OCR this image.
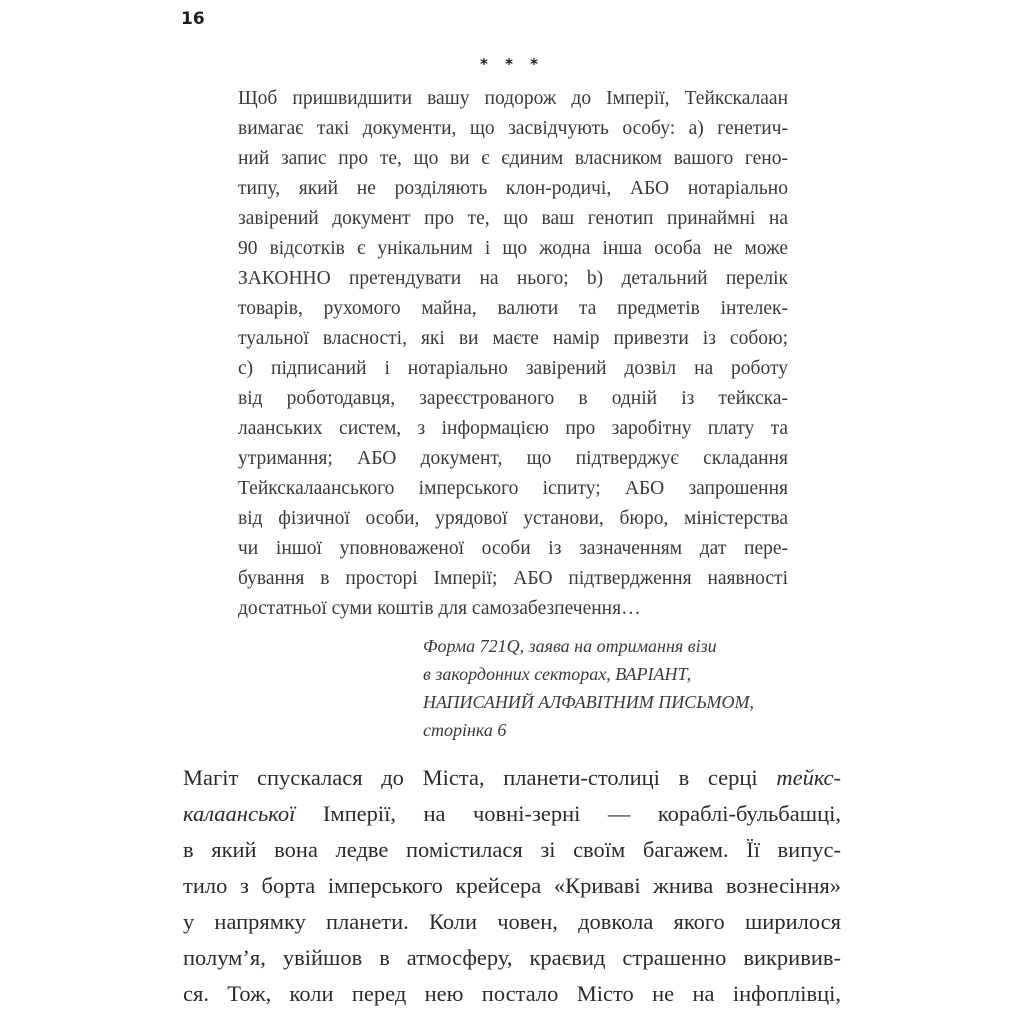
16
* * *
Щоб пришвидшити вашу подорож до Імперії, Тейкскалаан
вимагає такі документи, що засвідчують особу: а) генетич-
ний запис про те, що ви є єдиним власником вашого гено-
типу, який не розділяють клон-родичі, АБО нотаріально
завірений документ про те, що ваш генотип принаймні на
90 відсотків є унікальним і що жодна інша особа не може
ЗАКОННО претендувати на нього; b) детальний перелік
товарів, рухомого майна, валюти та предметів інтелек-
туальної власності, які ви маєте намір привезти із собою;
c) підписаний і нотаріально завірений дозвіл на роботу
від роботодавця, зареєстрованого в одній із тейкска-
лаанських систем, з інформацією про заробітну плату та
утримання; АБО документ, що підтверджує складання
Тейкскалаанського імперського іспиту; АБО запрошення
від фізичної особи, урядової установи, бюро, міністерства
чи іншої уповноваженої особи із зазначенням дат пере-
бування в просторі Імперії; АБО підтвердження наявності
достатньої суми коштів для самозабезпечення…
Форма 721Q, заява на отримання візи
в закордонних секторах, ВАРІАНТ,
НАПИСАНИЙ АЛФАВІТНИМ ПИСЬМОМ,
сторінка 6
Магіт спускалася до Міста, планети-столиці в серці тейкс-
калаанської Імперії, на човні-зерні — кораблі-бульбашці,
в який вона ледве помістилася зі своїм багажем. Її випус-
тило з борта імперського крейсера «Криваві жнива вознесіння»
у напрямку планети. Коли човен, довкола якого ширилося
полум’я, увійшов в атмосферу, краєвид страшенно викривив-
ся. Тож, коли перед нею постало Місто не на інфоплівці,
